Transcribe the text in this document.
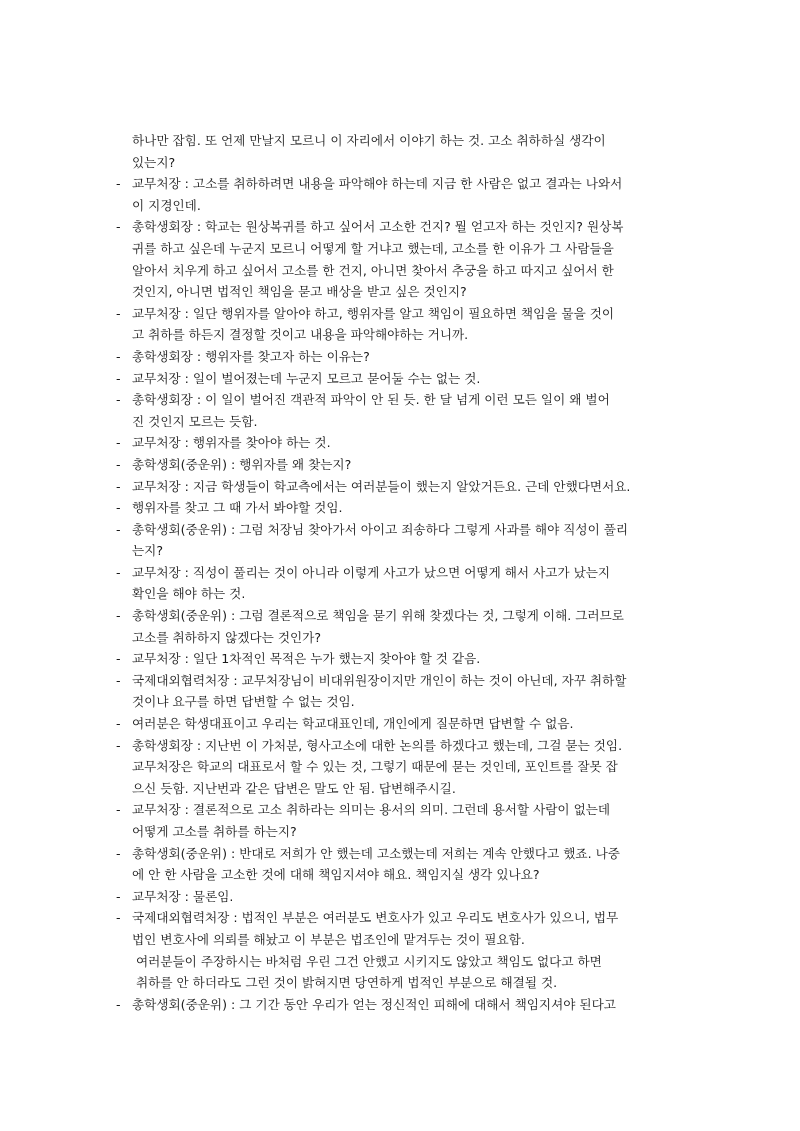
하나만 잡힘. 또 언제 만날지 모르니 이 자리에서 이야기 하는 것. 고소 취하하실 생각이
있는지?
- 교무처장 : 고소를 취하하려면 내용을 파악해야 하는데 지금 한 사람은 없고 결과는 나와서
이 지경인데.
- 총학생회장 : 학교는 원상복귀를 하고 싶어서 고소한 건지? 뭘 얻고자 하는 것인지? 원상복
귀를 하고 싶은데 누군지 모르니 어떻게 할 거냐고 했는데, 고소를 한 이유가 그 사람들을
알아서 치우게 하고 싶어서 고소를 한 건지, 아니면 찾아서 추궁을 하고 따지고 싶어서 한
것인지, 아니면 법적인 책임을 묻고 배상을 받고 싶은 것인지?
- 교무처장 : 일단 행위자를 알아야 하고, 행위자를 알고 책임이 필요하면 책임을 물을 것이
고 취하를 하든지 결정할 것이고 내용을 파악해야하는 거니까.
- 총학생회장 : 행위자를 찾고자 하는 이유는?
- 교무처장 : 일이 벌어졌는데 누군지 모르고 묻어둘 수는 없는 것.
- 총학생회장 : 이 일이 벌어진 객관적 파악이 안 된 듯. 한 달 넘게 이런 모든 일이 왜 벌어
진 것인지 모르는 듯함.
- 교무처장 : 행위자를 찾아야 하는 것.
- 총학생회(중운위) : 행위자를 왜 찾는지?
- 교무처장 : 지금 학생들이 학교측에서는 여러분들이 했는지 알았거든요. 근데 안했다면서요.
- 행위자를 찾고 그 때 가서 봐야할 것임.
- 총학생회(중운위) : 그럼 처장님 찾아가서 아이고 죄송하다 그렇게 사과를 해야 직성이 풀리
는지?
- 교무처장 : 직성이 풀리는 것이 아니라 이렇게 사고가 났으면 어떻게 해서 사고가 났는지
확인을 해야 하는 것.
- 총학생회(중운위) : 그럼 결론적으로 책임을 묻기 위해 찾겠다는 것, 그렇게 이해. 그러므로
고소를 취하하지 않겠다는 것인가?
- 교무처장 : 일단 1차적인 목적은 누가 했는지 찾아야 할 것 같음.
- 국제대외협력처장 : 교무처장님이 비대위원장이지만 개인이 하는 것이 아닌데, 자꾸 취하할
것이냐 요구를 하면 답변할 수 없는 것임.
- 여러분은 학생대표이고 우리는 학교대표인데, 개인에게 질문하면 답변할 수 없음.
- 총학생회장 : 지난번 이 가처분, 형사고소에 대한 논의를 하겠다고 했는데, 그걸 묻는 것임.
교무처장은 학교의 대표로서 할 수 있는 것, 그렇기 때문에 묻는 것인데, 포인트를 잘못 잡
으신 듯함. 지난번과 같은 답변은 말도 안 됨. 답변해주시길.
- 교무처장 : 결론적으로 고소 취하라는 의미는 용서의 의미. 그런데 용서할 사람이 없는데
어떻게 고소를 취하를 하는지?
- 총학생회(중운위) : 반대로 저희가 안 했는데 고소했는데 저희는 계속 안했다고 했죠. 나중
에 안 한 사람을 고소한 것에 대해 책임지셔야 해요. 책임지실 생각 있나요?
- 교무처장 : 물론임.
- 국제대외협력처장 : 법적인 부분은 여러분도 변호사가 있고 우리도 변호사가 있으니, 법무
법인 변호사에 의뢰를 해놨고 이 부분은 법조인에 맡겨두는 것이 필요함.
여러분들이 주장하시는 바처럼 우린 그건 안했고 시키지도 않았고 책임도 없다고 하면
취하를 안 하더라도 그런 것이 밝혀지면 당연하게 법적인 부분으로 해결될 것.
- 총학생회(중운위) : 그 기간 동안 우리가 얻는 정신적인 피해에 대해서 책임지셔야 된다고
